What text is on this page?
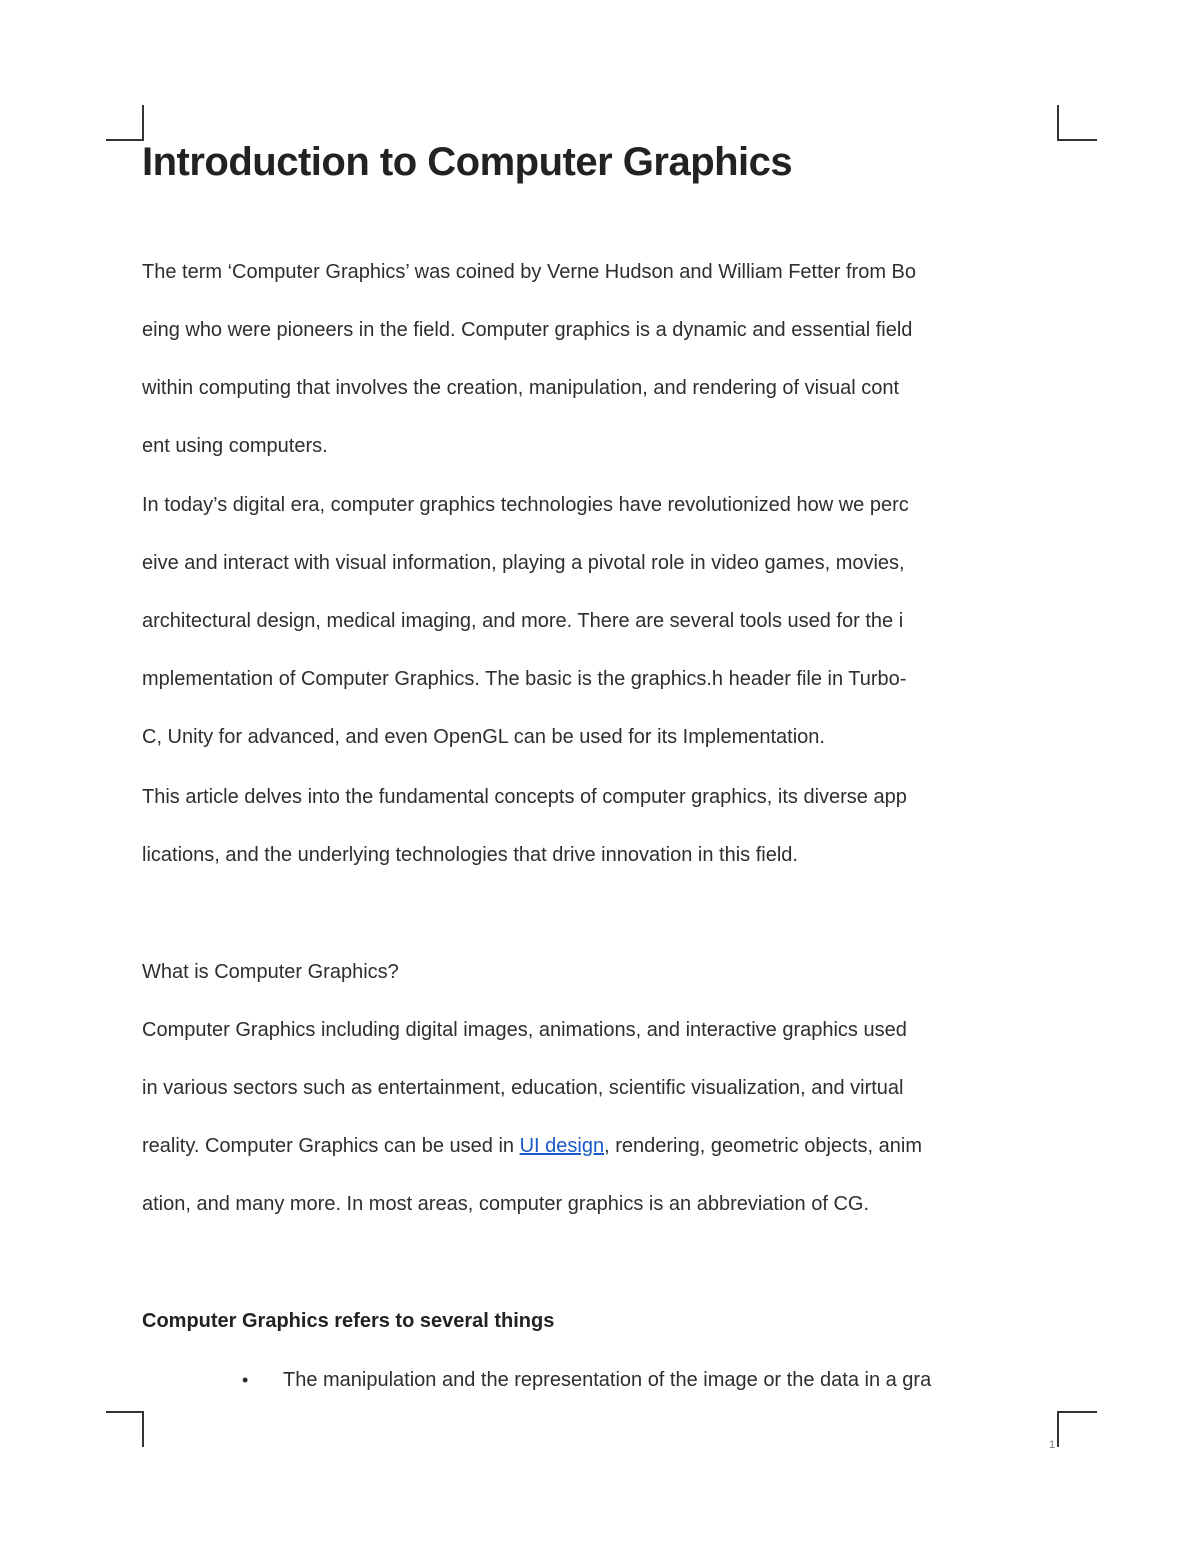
Introduction to Computer Graphics
The term ‘Computer Graphics’ was coined by Verne Hudson and William Fetter from Bo
eing who were pioneers in the field. Computer graphics is a dynamic and essential field
within computing that involves the creation, manipulation, and rendering of visual cont
ent using computers.
In today’s digital era, computer graphics technologies have revolutionized how we perc
eive and interact with visual information, playing a pivotal role in video games, movies,
architectural design, medical imaging, and more. There are several tools used for the i
mplementation of Computer Graphics. The basic is the graphics.h header file in Turbo-
C, Unity for advanced, and even OpenGL can be used for its Implementation.
This article delves into the fundamental concepts of computer graphics, its diverse app
lications, and the underlying technologies that drive innovation in this field.
What is Computer Graphics?
Computer Graphics including digital images, animations, and interactive graphics used
in various sectors such as entertainment, education, scientific visualization, and virtual
reality. Computer Graphics can be used in UI design, rendering, geometric objects, anim
ation, and many more. In most areas, computer graphics is an abbreviation of CG.
Computer Graphics refers to several things
•	The manipulation and the representation of the image or the data in a gra
1
